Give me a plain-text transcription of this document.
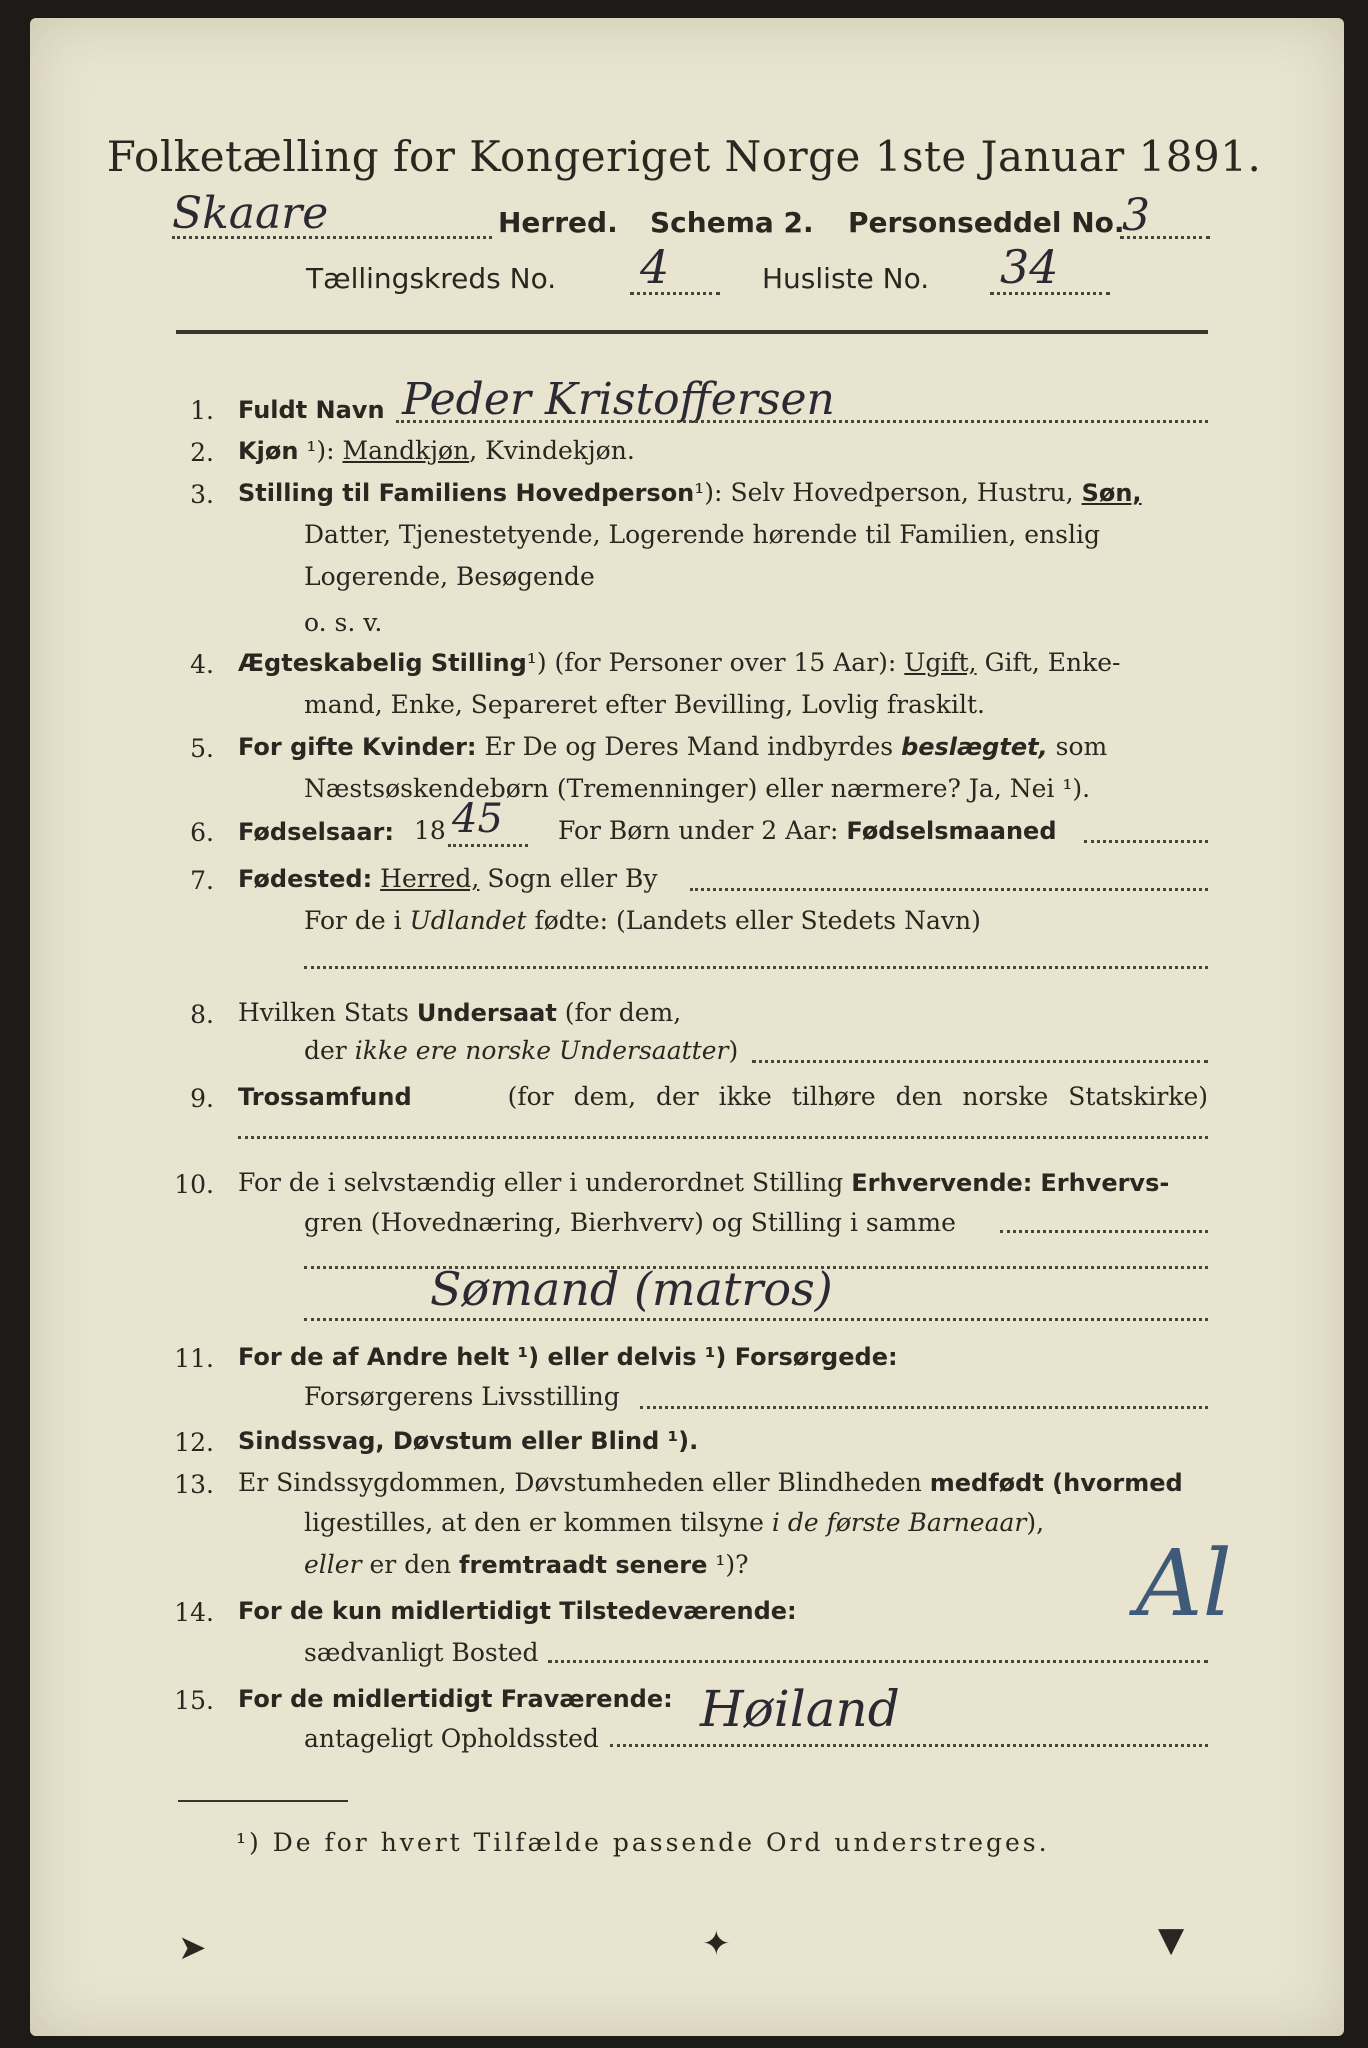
Folketælling for Kongeriget Norge 1ste Januar 1891.
Skaare	Herred. Schema 2. Personseddel No.
3
Tællingskreds No. 4	Husliste No. 34
1. Fuldt Navn Peder Kristoffersen
2. Kjøn ¹): Mandkjøn, Kvindekjøn.
3. Stilling til Familiens Hovedperson¹): Selv Hovedperson, Hustru, Søn,
Datter, Tjenestetyende, Logerende hørende til Familien, enslig
Logerende, Besøgende
o. s. v.
4. Ægteskabelig Stilling¹) (for Personer over 15 Aar): Ugift, Gift, Enke-
mand, Enke, Separeret efter Bevilling, Lovlig fraskilt.
5. For gifte Kvinder: Er De og Deres Mand indbyrdes beslægtet, som
Næstsøskendebørn (Tremenninger) eller nærmere? Ja, Nei ¹).
6. Fødselsaar: 18 45 For Børn under 2 Aar: Fødselsmaaned
7. Fødested: Herred, Sogn eller By
For de i Udlandet fødte: (Landets eller Stedets Navn)
8. Hvilken Stats Undersaat (for dem,
der ikke ere norske Undersaatter)
9. Trossamfund	(for dem, der ikke tilhøre den norske Statskirke)
10. For de i selvstændig eller i underordnet Stilling Erhvervende: Erhvervs-
gren (Hovednæring, Bierhverv) og Stilling i samme
Sømand (matros)
11. For de af Andre helt ¹) eller delvis ¹) Forsørgede:
Forsørgerens Livsstilling
12. Sindssvag, Døvstum eller Blind ¹).
13. Er Sindssygdommen, Døvstumheden eller Blindheden medfødt (hvormed
ligestilles, at den er kommen tilsyne i de første Barneaar),
eller er den fremtraadt senere ¹)?	Al
14. For de kun midlertidigt Tilstedeværende:
sædvanligt Bosted
15. For de midlertidigt Fraværende:
antageligt Opholdssted
Høiland
¹) De for hvert Tilfælde passende Ord understreges.
➤	✦	▼
